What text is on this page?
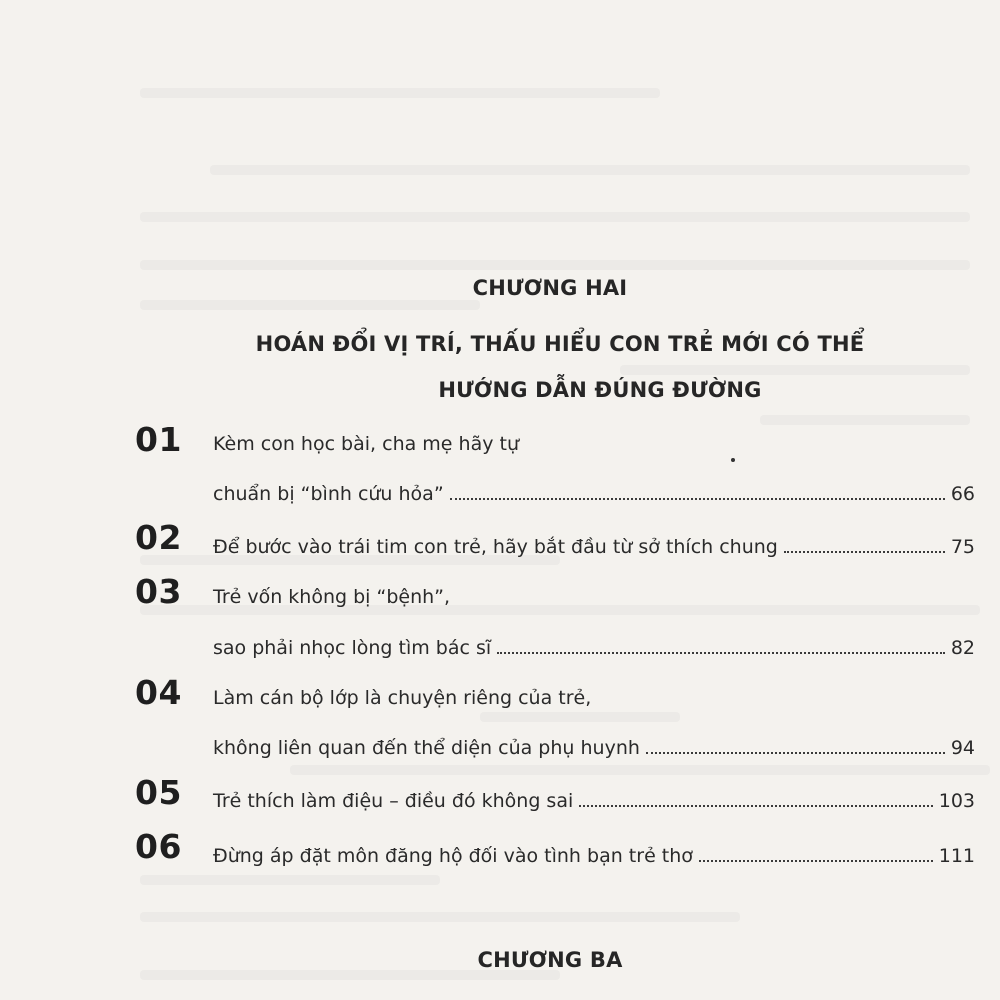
CHƯƠNG HAI
HOÁN ĐỔI VỊ TRÍ, THẤU HIỂU CON TRẺ MỚI CÓ THỂ
HƯỚNG DẪN ĐÚNG ĐƯỜNG
01 Kèm con học bài, cha mẹ hãy tự
chuẩn bị “bình cứu hỏa”	66
02 Để bước vào trái tim con trẻ, hãy bắt đầu từ sở thích chung	75
03 Trẻ vốn không bị “bệnh”,
sao phải nhọc lòng tìm bác sĩ	82
04 Làm cán bộ lớp là chuyện riêng của trẻ,
không liên quan đến thể diện của phụ huynh	94
05 Trẻ thích làm điệu – điều đó không sai	103
06 Đừng áp đặt môn đăng hộ đối vào tình bạn trẻ thơ	111
CHƯƠNG BA
